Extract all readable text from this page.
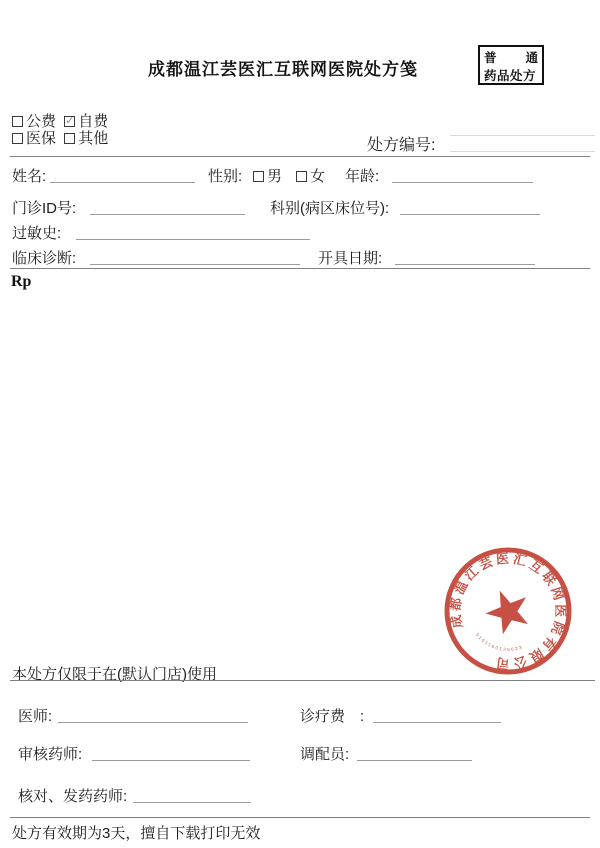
成都温江芸医汇互联网医院处方笺
普 通
药品处方
公费 ✓ 自费
医保 其他	处方编号:
姓名:	性别:	男	女 年龄:
门诊ID号:	科别(病区床位号):
过敏史:
临床诊断:	开具日期:
Rp
成都温江芸医汇互联网医院有限公司
5101160120623
本处方仅限于在(默认门店)使用
医师:	诊疗费　:
审核药师:	调配员:
核对、发药药师:
处方有效期为3天，擅自下载打印无效
